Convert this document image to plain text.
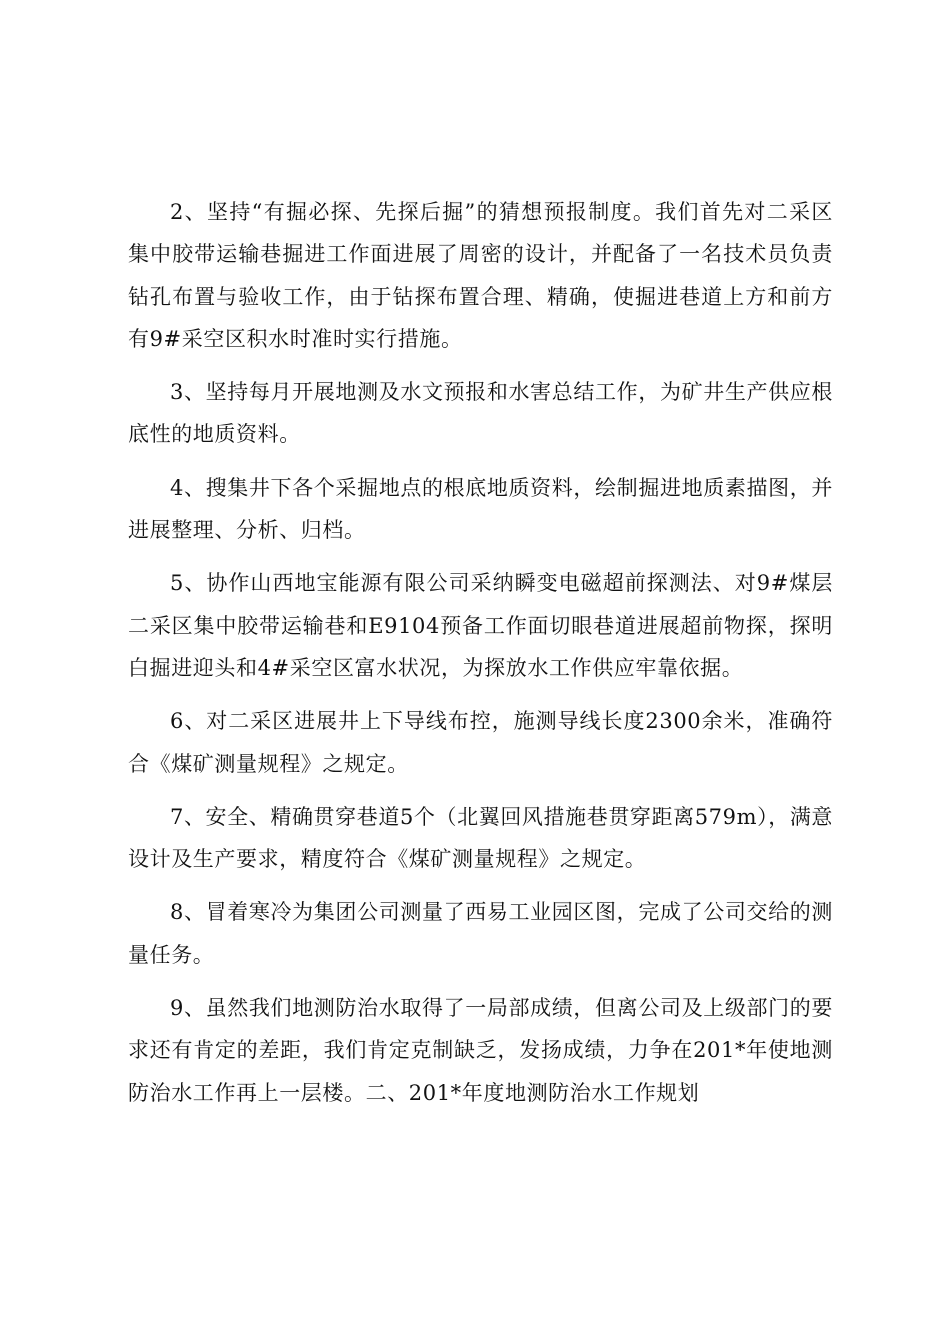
2、坚持“有掘必探、先探后掘”的猜想预报制度。我们首先对二采区集中胶带运输巷掘进工作面进展了周密的设计，并配备了一名技术员负责钻孔布置与验收工作，由于钻探布置合理、精确，使掘进巷道上方和前方有9#采空区积水时准时实行措施。

3、坚持每月开展地测及水文预报和水害总结工作，为矿井生产供应根底性的地质资料。

4、搜集井下各个采掘地点的根底地质资料，绘制掘进地质素描图，并进展整理、分析、归档。

5、协作山西地宝能源有限公司采纳瞬变电磁超前探测法、对9#煤层二采区集中胶带运输巷和E9104预备工作面切眼巷道进展超前物探，探明白掘进迎头和4#采空区富水状况，为探放水工作供应牢靠依据。

6、对二采区进展井上下导线布控，施测导线长度2300余米，准确符合《煤矿测量规程》之规定。

7、安全、精确贯穿巷道5个（北翼回风措施巷贯穿距离579m），满意设计及生产要求，精度符合《煤矿测量规程》之规定。

8、冒着寒冷为集团公司测量了西易工业园区图，完成了公司交给的测量任务。

9、虽然我们地测防治水取得了一局部成绩，但离公司及上级部门的要求还有肯定的差距，我们肯定克制缺乏，发扬成绩，力争在201*年使地测防治水工作再上一层楼。二、201*年度地测防治水工作规划
